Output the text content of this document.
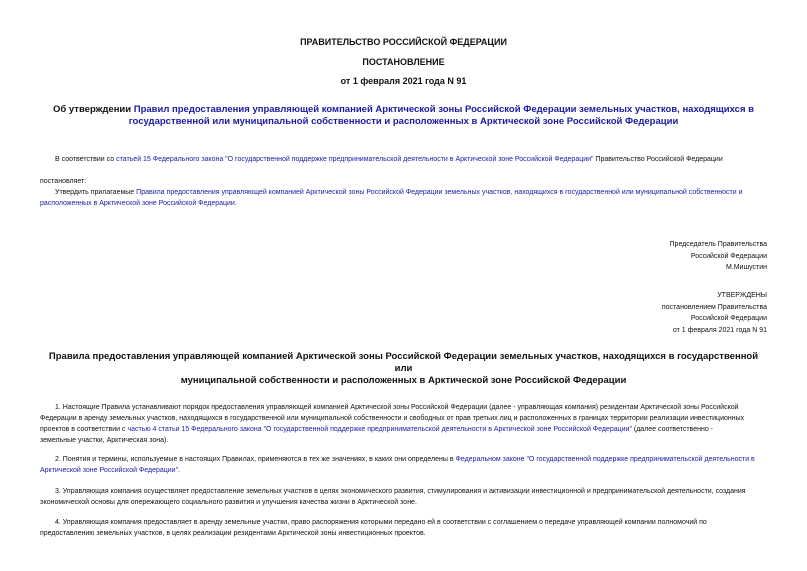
ПРАВИТЕЛЬСТВО РОССИЙСКОЙ ФЕДЕРАЦИИ
ПОСТАНОВЛЕНИЕ
от 1 февраля 2021 года N 91
Об утверждении Правил предоставления управляющей компанией Арктической зоны Российской Федерации земельных участков, находящихся в
государственной или муниципальной собственности и расположенных в Арктической зоне Российской Федерации
В соответствии со статьей 15 Федерального закона "О государственной поддержке предпринимательской деятельности в Арктической зоне Российской Федерации" Правительство Российской Федерации
постановляет:
Утвердить прилагаемые Правила предоставления управляющей компанией Арктической зоны Российской Федерации земельных участков, находящихся в государственной или муниципальной собственности и
расположенных в Арктической зоне Российской Федерации.
Председатель Правительства
Российской Федерации
М.Мишустин
УТВЕРЖДЕНЫ
постановлением Правительства
Российской Федерации
от 1 февраля 2021 года N 91
Правила предоставления управляющей компанией Арктической зоны Российской Федерации земельных участков, находящихся в государственной или
муниципальной собственности и расположенных в Арктической зоне Российской Федерации
1. Настоящие Правила устанавливают порядок предоставления управляющей компанией Арктической зоны Российской Федерации (далее - управляющая компания) резидентам Арктической зоны Российской
Федерации в аренду земельных участков, находящихся в государственной или муниципальной собственности и свободных от прав третьих лиц и расположенных в границах территории реализации инвестиционных
проектов в соответствии с частью 4 статьи 15 Федерального закона "О государственной поддержке предпринимательской деятельности в Арктической зоне Российской Федерации" (далее соответственно -
земельные участки, Арктическая зона).
2. Понятия и термины, используемые в настоящих Правилах, применяются в тех же значениях, в каких они определены в Федеральном законе "О государственной поддержке предпринимательской деятельности в
Арктической зоне Российской Федерации".
3. Управляющая компания осуществляет предоставление земельных участков в целях экономического развития, стимулирования и активизации инвестиционной и предпринимательской деятельности, создания
экономической основы для опережающего социального развития и улучшения качества жизни в Арктической зоне.
4. Управляющая компания предоставляет в аренду земельные участки, право распоряжения которыми передано ей в соответствии с соглашением о передаче управляющей компании полномочий по
предоставлению земельных участков, в целях реализации резидентами Арктической зоны инвестиционных проектов.
